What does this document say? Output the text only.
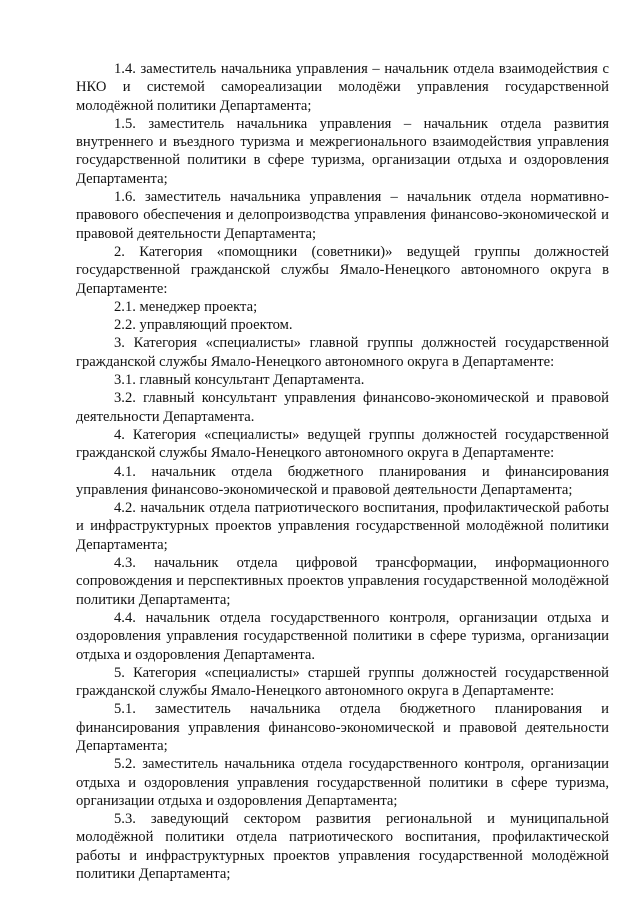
1.4. заместитель начальника управления – начальник отдела взаимодействия с НКО и системой самореализации молодёжи управления государственной молодёжной политики Департамента;

1.5. заместитель начальника управления – начальник отдела развития внутреннего и въездного туризма и межрегионального взаимодействия управления государственной политики в сфере туризма, организации отдыха и оздоровления Департамента;

1.6. заместитель начальника управления – начальник отдела нормативно-правового обеспечения и делопроизводства управления финансово-экономической и правовой деятельности Департамента;

2. Категория «помощники (советники)» ведущей группы должностей государственной гражданской службы Ямало-Ненецкого автономного округа в Департаменте:

2.1. менеджер проекта;

2.2. управляющий проектом.

3. Категория «специалисты» главной группы должностей государственной гражданской службы Ямало-Ненецкого автономного округа в Департаменте:

3.1. главный консультант Департамента.

3.2. главный консультант управления финансово-экономической и правовой деятельности Департамента.

4. Категория «специалисты» ведущей группы должностей государственной гражданской службы Ямало-Ненецкого автономного округа в Департаменте:

4.1. начальник отдела бюджетного планирования и финансирования управления финансово-экономической и правовой деятельности Департамента;

4.2. начальник отдела патриотического воспитания, профилактической работы и инфраструктурных проектов управления государственной молодёжной политики Департамента;

4.3. начальник отдела цифровой трансформации, информационного сопровождения и перспективных проектов управления государственной молодёжной политики Департамента;

4.4. начальник отдела государственного контроля, организации отдыха и оздоровления управления государственной политики в сфере туризма, организации отдыха и оздоровления Департамента.

5. Категория «специалисты» старшей группы должностей государственной гражданской службы Ямало-Ненецкого автономного округа в Департаменте:

5.1. заместитель начальника отдела бюджетного планирования и финансирования управления финансово-экономической и правовой деятельности Департамента;

5.2. заместитель начальника отдела государственного контроля, организации отдыха и оздоровления управления государственной политики в сфере туризма, организации отдыха и оздоровления Департамента;

5.3. заведующий сектором развития региональной и муниципальной молодёжной политики отдела патриотического воспитания, профилактической работы и инфраструктурных проектов управления государственной молодёжной политики Департамента;
